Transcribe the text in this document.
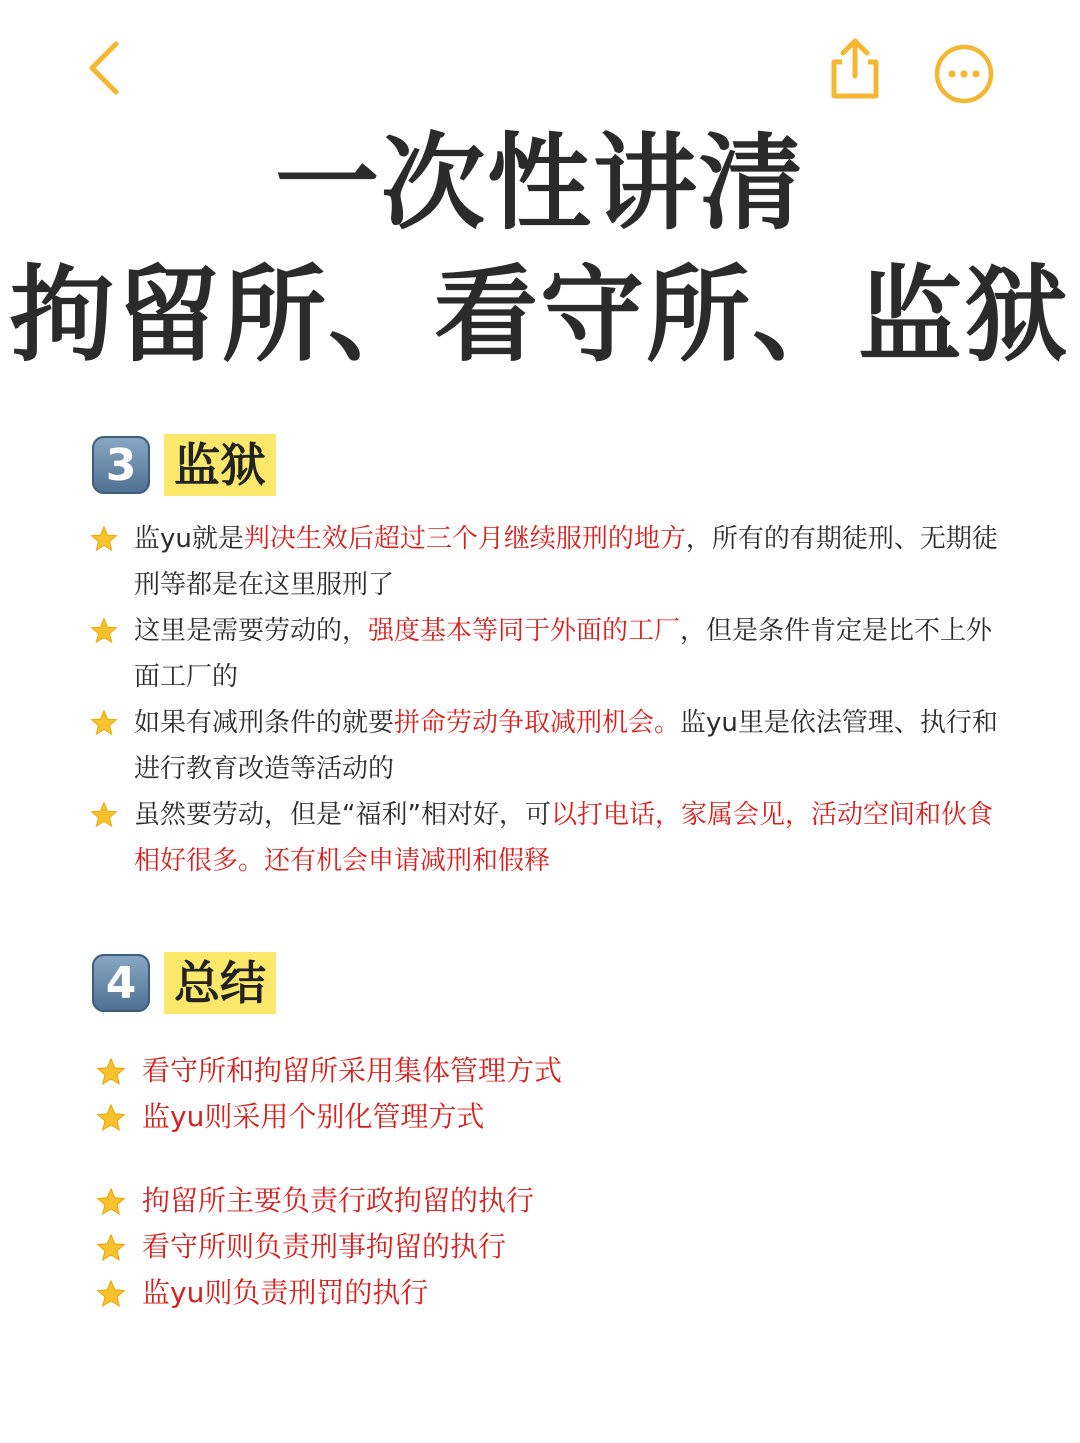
一次性讲清
拘留所、看守所、监狱
3 监狱
监yu就是判决生效后超过三个月继续服刑的地方，所有的有期徒刑、无期徒刑等都是在这里服刑了
这里是需要劳动的，强度基本等同于外面的工厂，但是条件肯定是比不上外面工厂的
如果有减刑条件的就要拼命劳动争取减刑机会。监yu里是依法管理、执行和进行教育改造等活动的
虽然要劳动，但是“福利”相对好，可以打电话，家属会见，活动空间和伙食相好很多。还有机会申请减刑和假释
4 总结
看守所和拘留所采用集体管理方式
监yu则采用个别化管理方式
拘留所主要负责行政拘留的执行
看守所则负责刑事拘留的执行
监yu则负责刑罚的执行
